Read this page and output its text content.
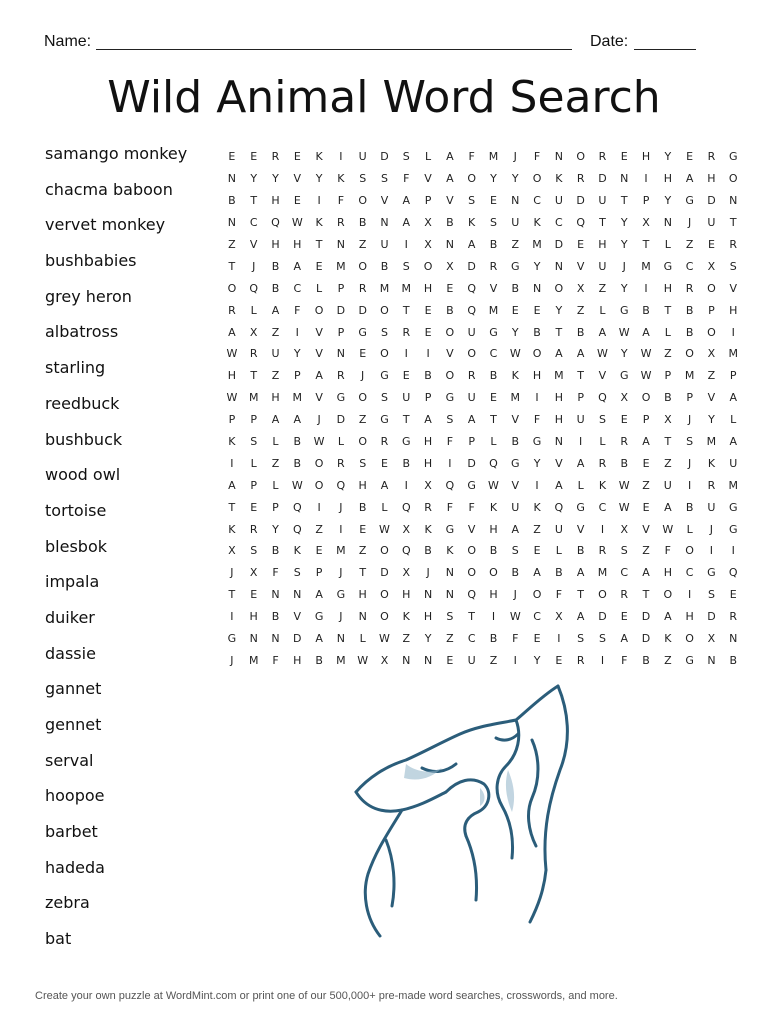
Name:	Date:
Wild Animal Word Search
samango monkey
chacma baboon
vervet monkey
bushbabies
grey heron
albatross
starling
reedbuck
bushbuck
wood owl
tortoise
blesbok
impala
duiker
dassie
gannet
gennet
serval
hoopoe
barbet
hadeda
zebra
bat
E	E	R	E	K	I	U	D	S	L	A	F	M	J	F	N	O	R	E	H	Y	E	R	G
N	Y	Y	V	Y	K	S	S	F	V	A	O	Y	Y	O	K	R	D	N	I	H	A	H	O
B	T	H	E	I	F	O	V	A	P	V	S	E	N	C	U	D	U	T	P	Y	G	D	N
N	C	Q	W	K	R	B	N	A	X	B	K	S	U	K	C	Q	T	Y	X	N	J	U	T
Z	V	H	H	T	N	Z	U	I	X	N	A	B	Z	M	D	E	H	Y	T	L	Z	E	R
T	J	B	A	E	M	O	B	S	O	X	D	R	G	Y	N	V	U	J	M	G	C	X	S
O	Q	B	C	L	P	R	M	M	H	E	Q	V	B	N	O	X	Z	Y	I	H	R	O	V
R	L	A	F	O	D	D	O	T	E	B	Q	M	E	E	Y	Z	L	G	B	T	B	P	H
A	X	Z	I	V	P	G	S	R	E	O	U	G	Y	B	T	B	A	W	A	L	B	O	I
W	R	U	Y	V	N	E	O	I	I	V	O	C	W	O	A	A	W	Y	W	Z	O	X	M
H	T	Z	P	A	R	J	G	E	B	O	R	B	K	H	M	T	V	G	W	P	M	Z	P
W	M	H	M	V	G	O	S	U	P	G	U	E	M	I	H	P	Q	X	O	B	P	V	A
P	P	A	A	J	D	Z	G	T	A	S	A	T	V	F	H	U	S	E	P	X	J	Y	L
K	S	L	B	W	L	O	R	G	H	F	P	L	B	G	N	I	L	R	A	T	S	M	A
I	L	Z	B	O	R	S	E	B	H	I	D	Q	G	Y	V	A	R	B	E	Z	J	K	U
A	P	L	W	O	Q	H	A	I	X	Q	G	W	V	I	A	L	K	W	Z	U	I	R	M
T	E	P	Q	I	J	B	L	Q	R	F	F	K	U	K	Q	G	C	W	E	A	B	U	G
K	R	Y	Q	Z	I	E	W	X	K	G	V	H	A	Z	U	V	I	X	V	W	L	J	G
X	S	B	K	E	M	Z	O	Q	B	K	O	B	S	E	L	B	R	S	Z	F	O	I	I
J	X	F	S	P	J	T	D	X	J	N	O	O	B	A	B	A	M	C	A	H	C	G	Q
T	E	N	N	A	G	H	O	H	N	N	Q	H	J	O	F	T	O	R	T	O	I	S	E
I	H	B	V	G	J	N	O	K	H	S	T	I	W	C	X	A	D	E	D	A	H	D	R
G	N	N	D	A	N	L	W	Z	Y	Z	C	B	F	E	I	S	S	A	D	K	O	X	N
J	M	F	H	B	M	W	X	N	N	E	U	Z	I	Y	E	R	I	F	B	Z	G	N	B
Create your own puzzle at WordMint.com or print one of our 500,000+ pre-made word searches, crosswords, and more.
